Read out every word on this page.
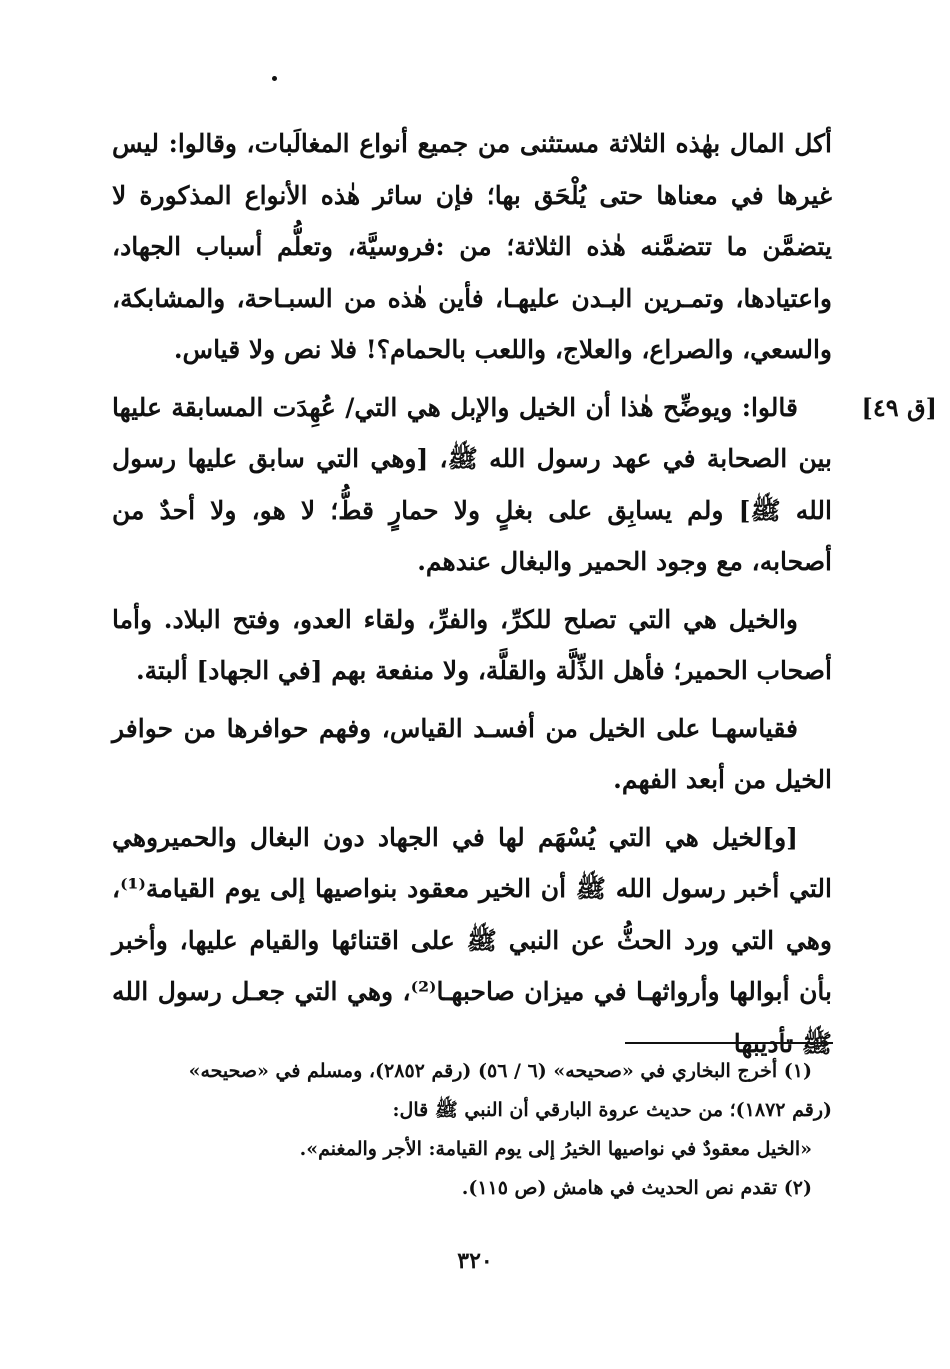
[ق ٤٩]

أكل المال بهٰذه الثلاثة مستثنى من جميع أنواع المغالَبات، وقالوا: ليس غيرها في معناها حتى يُلْحَق بها؛ فإن سائر هٰذه الأنواع المذكورة لا يتضمَّن ما تتضمَّنه هٰذه الثلاثة؛ من :فروسيَّة، وتعلُّم أسباب الجهاد، واعتيادها، وتمـرين البـدن عليهـا، فأين هٰذه من السبـاحة، والمشابكة، والسعي، والصراع، والعلاج، واللعب بالحمام؟! فلا نص ولا قياس.

قالوا: ويوضِّح هٰذا أن الخيل والإبل هي التي/ عُهِدَت المسابقة عليها بين الصحابة في عهد رسول الله ﷺ، [وهي التي سابق عليها رسول الله ﷺ] ولم يسابِق على بغلٍ ولا حمارٍ قطُّ؛ لا هو، ولا أحدٌ من أصحابه، مع وجود الحمير والبغال عندهم.

والخيل هي التي تصلح للكرِّ، والفرِّ، ولقاء العدو، وفتح البلاد. وأما أصحاب الحمير؛ فأهل الذِّلَّة والقلَّة، ولا منفعة بهم [في الجهاد] ألبتة.

فقياسهـا على الخيل من أفسـد القياس، وفهم حوافرها من حوافر الخيل من أبعد الفهم.

[و]لخيل هي التي يُسْهَم لها في الجهاد دون البغال والحميروهي التي أخبر رسول الله ﷺ أن الخير معقود بنواصيها إلى يوم القيامة⁽¹⁾، وهي التي ورد الحثُّ عن النبي ﷺ على اقتنائها والقيام عليها، وأخبر بأن أبوالها وأرواثهـا في ميزان صاحبهـا⁽²⁾، وهي التي جعـل رسول الله ﷺ تأديبها

(١) أخرج البخاري في «صحيحه» (٦ / ٥٦) (رقم ٢٨٥٢)، ومسلم في «صحيحه»

(رقم ١٨٧٢)؛ من حديث عروة البارقي أن النبي ﷺ قال:

«الخيل معقودٌ في نواصيها الخيرُ إلى يوم القيامة: الأجر والمغنم».

(٢) تقدم نص الحديث في هامش (ص ١١٥).

٣٢٠
